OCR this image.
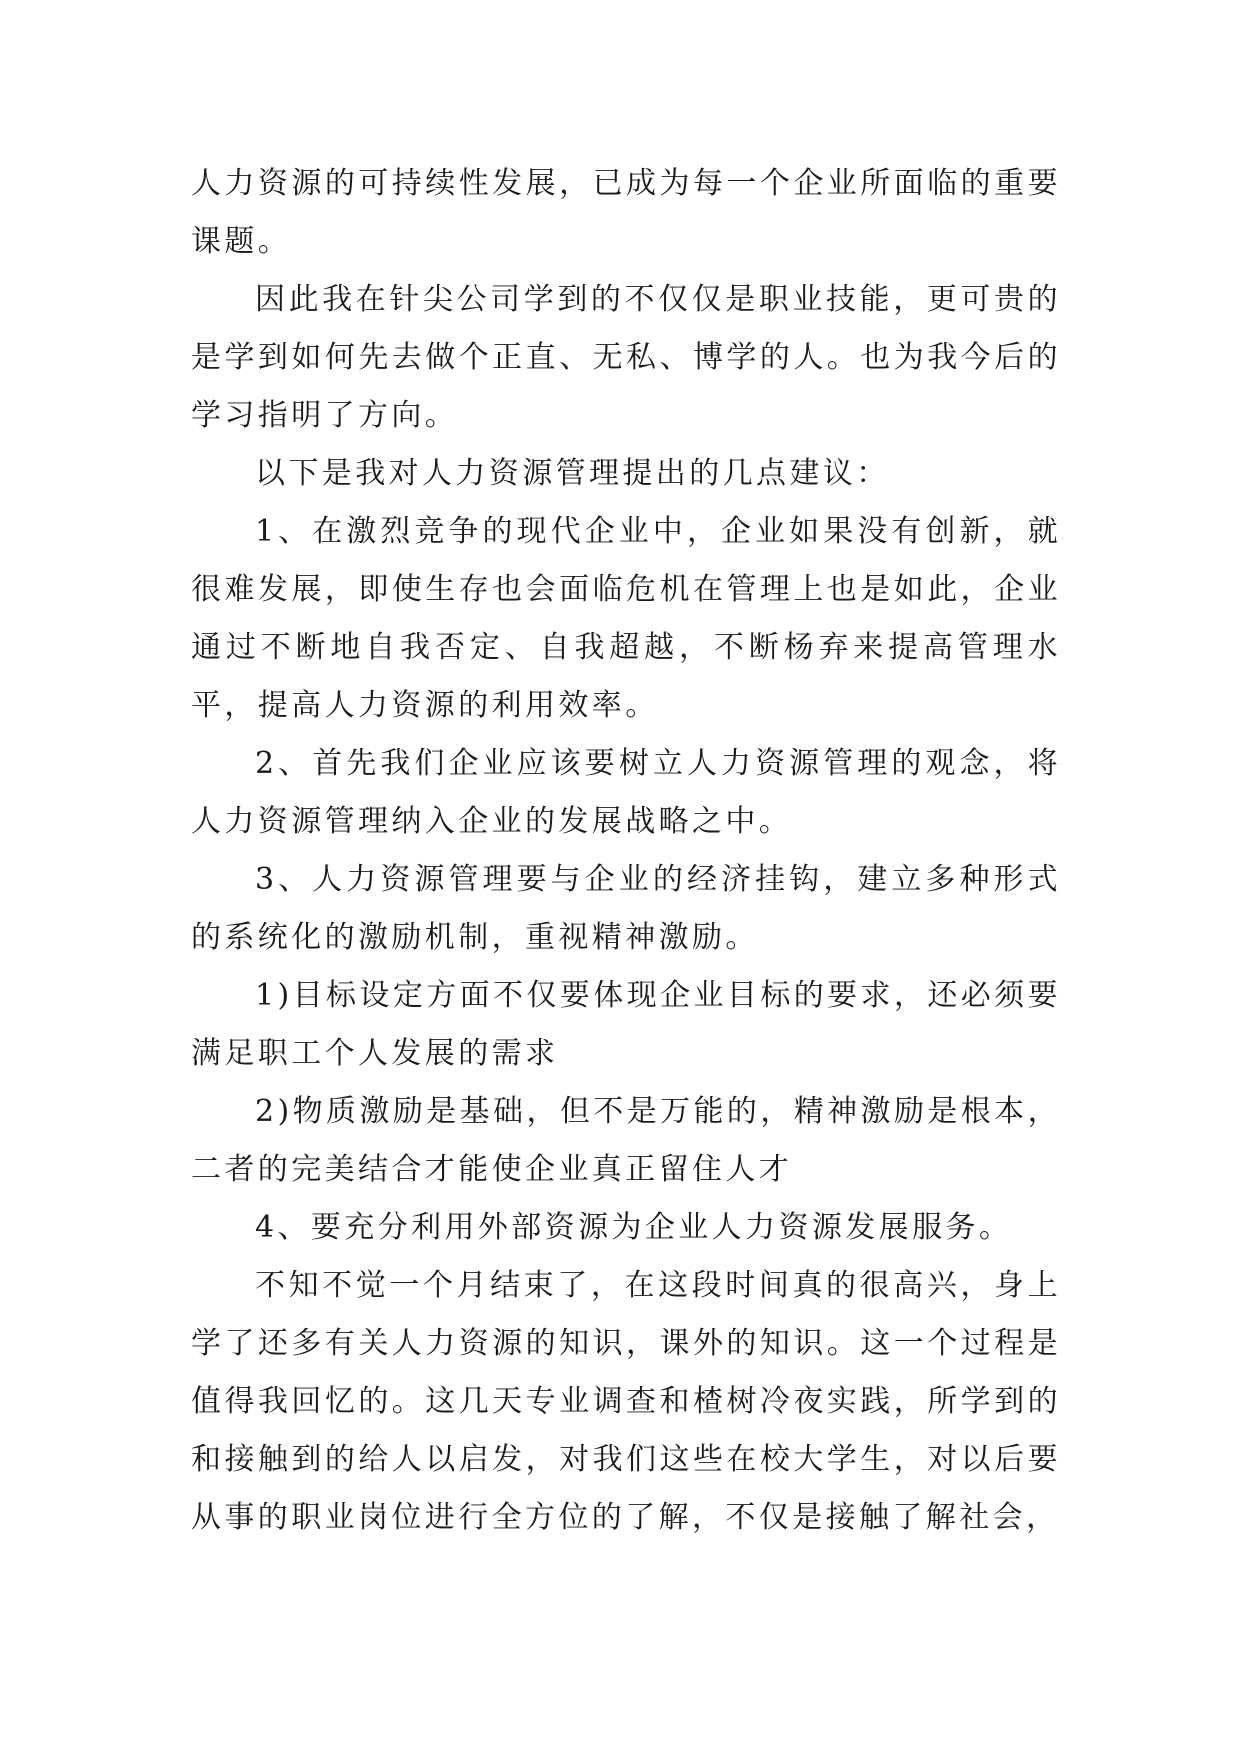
人力资源的可持续性发展，已成为每一个企业所面临的重要课题。

因此我在针尖公司学到的不仅仅是职业技能，更可贵的是学到如何先去做个正直、无私、博学的人。也为我今后的学习指明了方向。

以下是我对人力资源管理提出的几点建议：

1、在激烈竞争的现代企业中，企业如果没有创新，就很难发展，即使生存也会面临危机在管理上也是如此，企业通过不断地自我否定、自我超越，不断杨弃来提高管理水平，提高人力资源的利用效率。

2、首先我们企业应该要树立人力资源管理的观念，将人力资源管理纳入企业的发展战略之中。

3、人力资源管理要与企业的经济挂钩，建立多种形式的系统化的激励机制，重视精神激励。

1)目标设定方面不仅要体现企业目标的要求，还必须要满足职工个人发展的需求

2)物质激励是基础，但不是万能的，精神激励是根本，二者的完美结合才能使企业真正留住人才

4、要充分利用外部资源为企业人力资源发展服务。

不知不觉一个月结束了，在这段时间真的很高兴，身上学了还多有关人力资源的知识，课外的知识。这一个过程是值得我回忆的。这几天专业调查和楂树冷夜实践，所学到的和接触到的给人以启发，对我们这些在校大学生，对以后要从事的职业岗位进行全方位的了解，不仅是接触了解社会，
